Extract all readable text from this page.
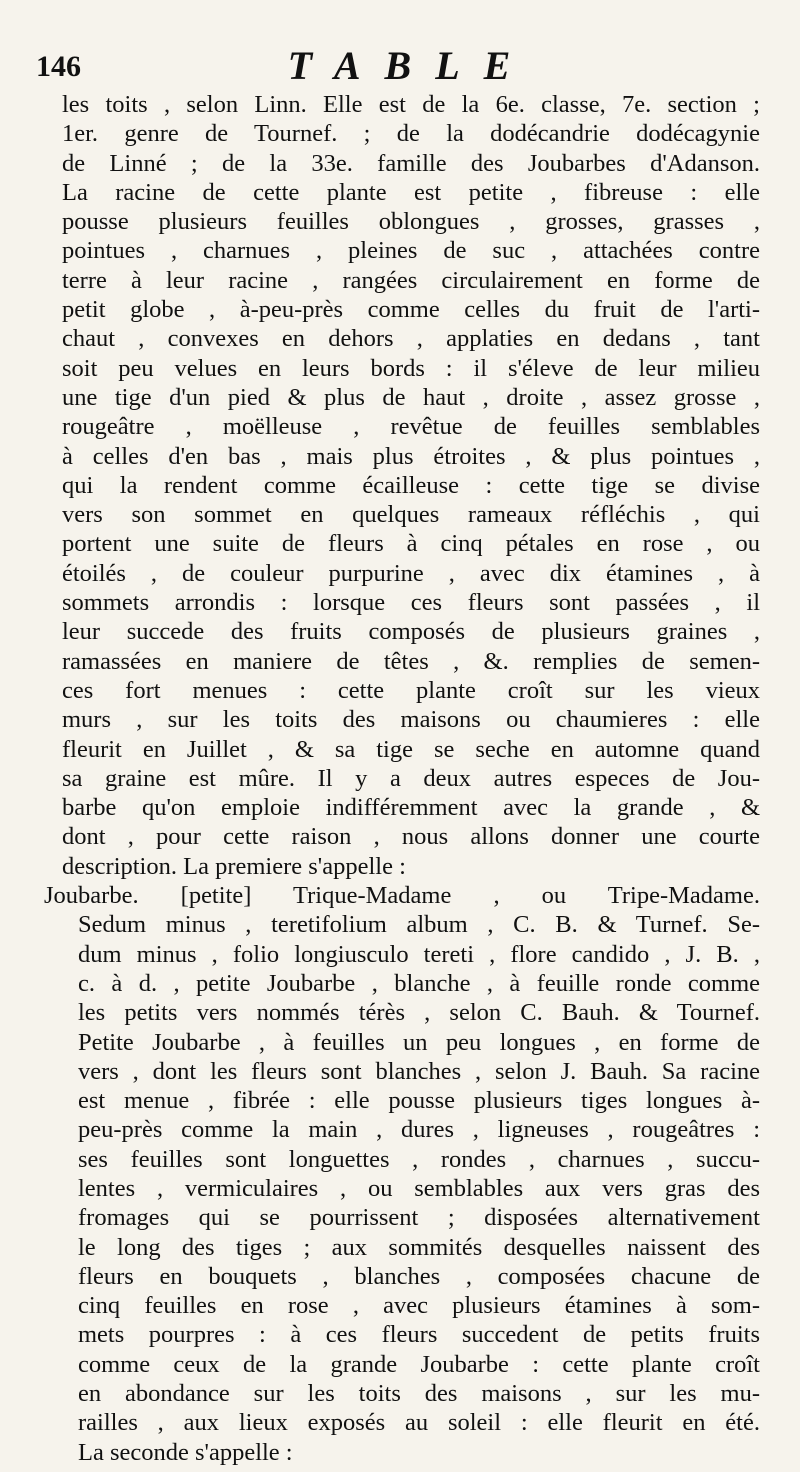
146	TABLE
les toits , selon Linn. Elle est de la 6e. classe, 7e. section ;
1er. genre de Tournef. ; de la dodécandrie dodécagynie
de Linné ; de la 33e. famille des Joubarbes d'Adanson.
La racine de cette plante est petite , fibreuse : elle
pousse plusieurs feuilles oblongues , grosses, grasses ,
pointues , charnues , pleines de suc , attachées contre
terre à leur racine , rangées circulairement en forme de
petit globe , à-peu-près comme celles du fruit de l'arti-
chaut , convexes en dehors , applaties en dedans , tant
soit peu velues en leurs bords : il s'éleve de leur milieu
une tige d'un pied & plus de haut , droite , assez grosse ,
rougeâtre , moëlleuse , revêtue de feuilles semblables
à celles d'en bas , mais plus étroites , & plus pointues ,
qui la rendent comme écailleuse : cette tige se divise
vers son sommet en quelques rameaux réfléchis , qui
portent une suite de fleurs à cinq pétales en rose , ou
étoilés , de couleur purpurine , avec dix étamines , à
sommets arrondis : lorsque ces fleurs sont passées , il
leur succede des fruits composés de plusieurs graines ,
ramassées en maniere de têtes , &. remplies de semen-
ces fort menues : cette plante croît sur les vieux
murs , sur les toits des maisons ou chaumieres : elle
fleurit en Juillet , & sa tige se seche en automne quand
sa graine est mûre. Il y a deux autres especes de Jou-
barbe qu'on emploie indifféremment avec la grande , &
dont , pour cette raison , nous allons donner une courte
description. La premiere s'appelle :
Joubarbe. [petite] Trique-Madame , ou Tripe-Madame.
Sedum minus , teretifolium album , C. B. & Turnef. Se-
dum minus , folio longiusculo tereti , flore candido , J. B. ,
c. à d. , petite Joubarbe , blanche , à feuille ronde comme
les petits vers nommés térès , selon C. Bauh. & Tournef.
Petite Joubarbe , à feuilles un peu longues , en forme de
vers , dont les fleurs sont blanches , selon J. Bauh. Sa racine
est menue , fibrée : elle pousse plusieurs tiges longues à-
peu-près comme la main , dures , ligneuses , rougeâtres :
ses feuilles sont longuettes , rondes , charnues , succu-
lentes , vermiculaires , ou semblables aux vers gras des
fromages qui se pourrissent ; disposées alternativement
le long des tiges ; aux sommités desquelles naissent des
fleurs en bouquets , blanches , composées chacune de
cinq feuilles en rose , avec plusieurs étamines à som-
mets pourpres : à ces fleurs succedent de petits fruits
comme ceux de la grande Joubarbe : cette plante croît
en abondance sur les toits des maisons , sur les mu-
railles , aux lieux exposés au soleil : elle fleurit en été.
La seconde s'appelle :
